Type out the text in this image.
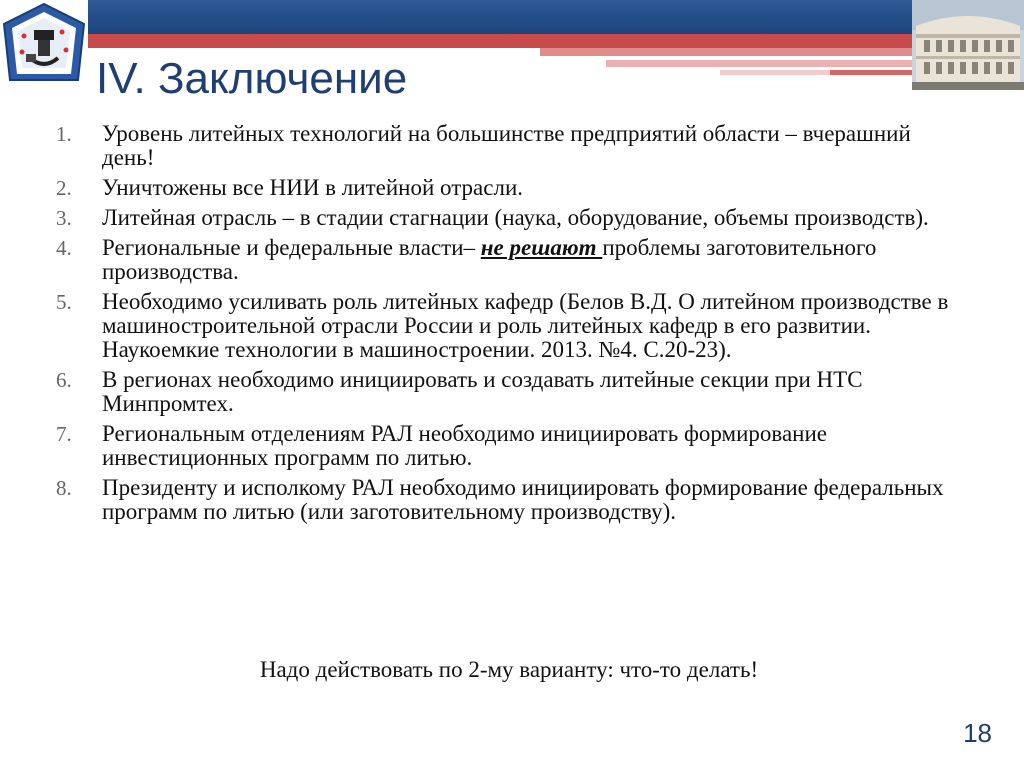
IV. Заключение
1.	Уровень литейных технологий на большинстве предприятий области – вчерашний день!
2.	Уничтожены все НИИ в литейной отрасли.
3.	Литейная отрасль – в стадии стагнации (наука, оборудование, объемы производств).
4.	Региональные и федеральные власти– не решают проблемы заготовительного производства.
5.	Необходимо усиливать роль литейных кафедр (Белов В.Д. О литейном производстве в машиностроительной отрасли России и роль литейных кафедр в его развитии. Наукоемкие технологии в машиностроении. 2013. №4. С.20-23).
6.	В регионах необходимо инициировать и создавать литейные секции при НТС Минпромтех.
7.	Региональным отделениям РАЛ необходимо инициировать формирование инвестиционных программ по литью.
8.	Президенту и исполкому РАЛ необходимо инициировать формирование федеральных программ по литью (или заготовительному производству).
Надо действовать по 2-му варианту: что-то делать!
18
